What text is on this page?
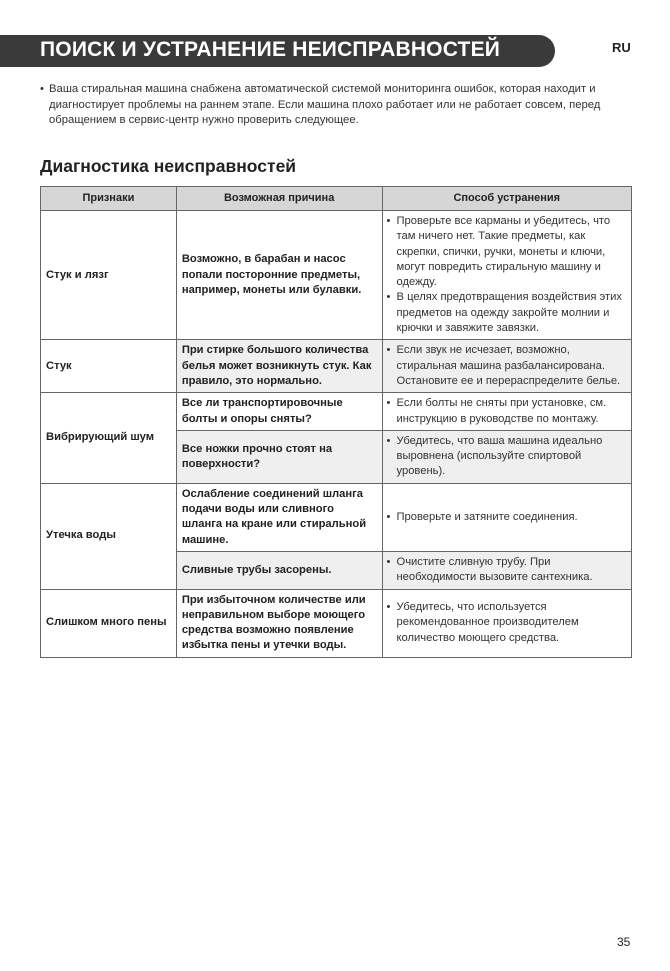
ПОИСК И УСТРАНЕНИЕ НЕИСПРАВНОСТЕЙ	RU
• Ваша стиральная машина снабжена автоматической системой мониторинга ошибок, которая находит и диагностирует проблемы на раннем этапе. Если машина плохо работает или не работает совсем, перед обращением в сервис-центр нужно проверить следующее.
Диагностика неисправностей
Признаки	Возможная причина	Способ устранения
Стук и лязг	Возможно, в барабан и насос попали посторонние предметы, например, монеты или булавки.	• Проверьте все карманы и убедитесь, что там ничего нет. Такие предметы, как скрепки, спички, ручки, монеты и ключи, могут повредить стиральную машину и одежду.
• В целях предотвращения воздействия этих предметов на одежду закройте молнии и крючки и завяжите завязки.

Стук	При стирке большого количества белья может возникнуть стук. Как правило, это нормально.	• Если звук не исчезает, возможно, стиральная машина разбалансирована. Остановите ее и перераспределите белье.

Вибрирующий шум	Все ли транспортировочные болты и опоры сняты?	• Если болты не сняты при установке, см. инструкцию в руководстве по монтажу.

	Все ножки прочно стоят на поверхности?	• Убедитесь, что ваша машина идеально выровнена (используйте спиртовой уровень).

Утечка воды	Ослабление соединений шланга подачи воды или сливного шланга на кране или стиральной машине.	• Проверьте и затяните соединения.

	Сливные трубы засорены.	• Очистите сливную трубу. При необходимости вызовите сантехника.

Слишком много пены	При избыточном количестве или неправильном выборе моющего средства возможно появление избытка пены и утечки воды.	• Убедитесь, что используется рекомендованное производителем количество моющего средства.
35
